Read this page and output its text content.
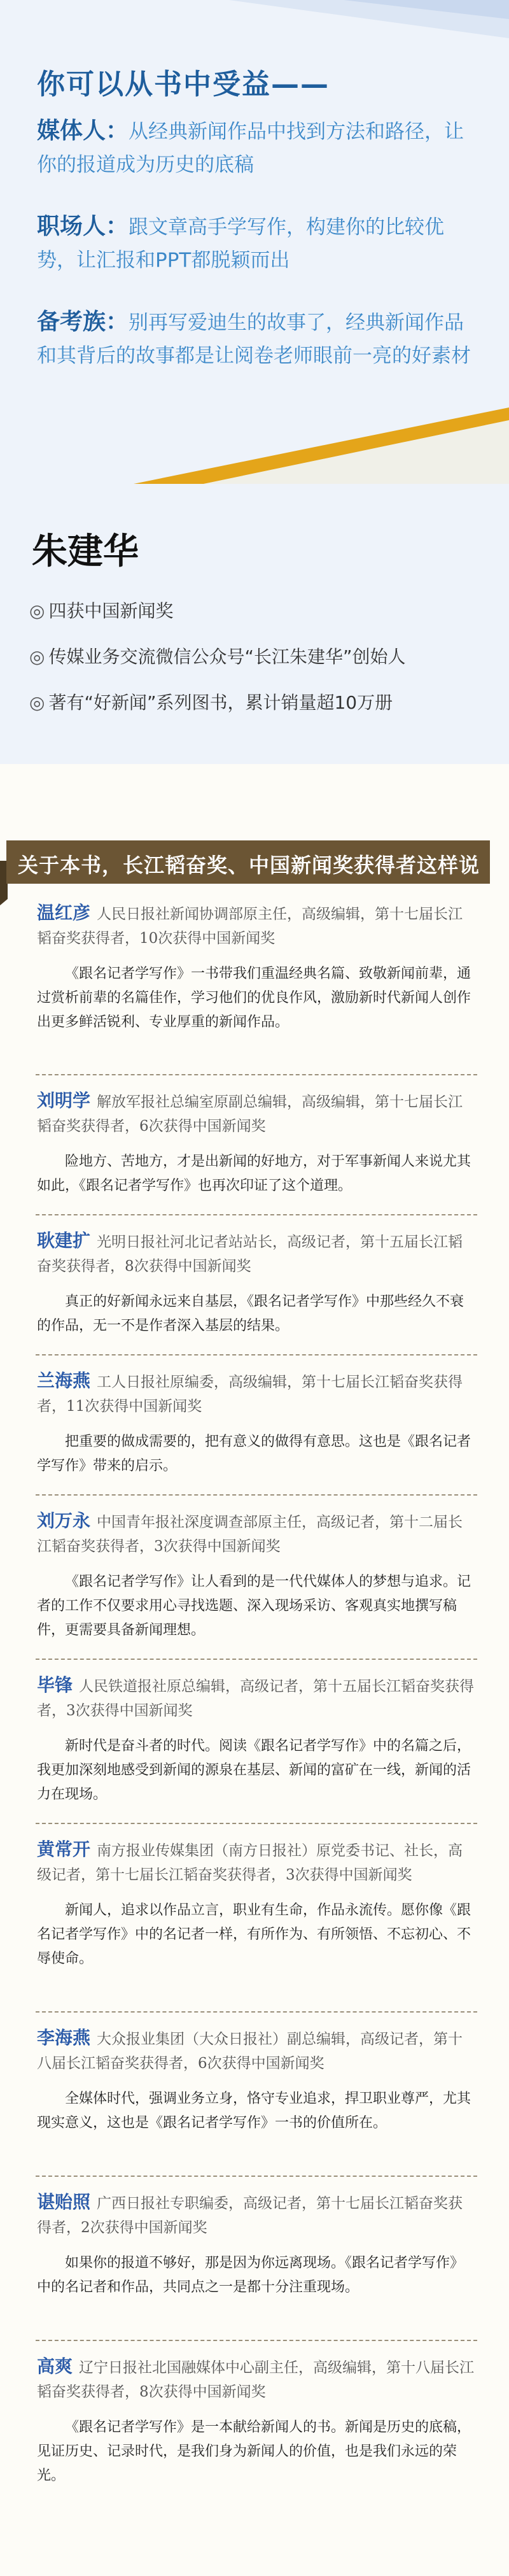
你可以从书中受益——

媒体人：从经典新闻作品中找到方法和路径，让你的报道成为历史的底稿

职场人：跟文章高手学写作，构建你的比较优势，让汇报和PPT都脱颖而出

备考族：别再写爱迪生的故事了，经典新闻作品和其背后的故事都是让阅卷老师眼前一亮的好素材

朱建华
◎ 四获中国新闻奖
◎ 传媒业务交流微信公众号“长江朱建华”创始人
◎ 著有“好新闻”系列图书，累计销量超10万册
关于本书，长江韬奋奖、中国新闻奖获得者这样说
温红彦 人民日报社新闻协调部原主任，高级编辑，第十七届长江韬奋奖获得者，10次获得中国新闻奖
《跟名记者学写作》一书带我们重温经典名篇、致敬新闻前辈，通过赏析前辈的名篇佳作，学习他们的优良作风，激励新时代新闻人创作出更多鲜活锐利、专业厚重的新闻作品。
刘明学 解放军报社总编室原副总编辑，高级编辑，第十七届长江韬奋奖获得者，6次获得中国新闻奖
险地方、苦地方，才是出新闻的好地方，对于军事新闻人来说尤其如此，《跟名记者学写作》也再次印证了这个道理。
耿建扩 光明日报社河北记者站站长，高级记者，第十五届长江韬奋奖获得者，8次获得中国新闻奖
真正的好新闻永远来自基层，《跟名记者学写作》中那些经久不衰的作品，无一不是作者深入基层的结果。
兰海燕 工人日报社原编委，高级编辑，第十七届长江韬奋奖获得者，11次获得中国新闻奖
把重要的做成需要的，把有意义的做得有意思。这也是《跟名记者学写作》带来的启示。
刘万永 中国青年报社深度调查部原主任，高级记者，第十二届长江韬奋奖获得者，3次获得中国新闻奖
《跟名记者学写作》让人看到的是一代代媒体人的梦想与追求。记者的工作不仅要求用心寻找选题、深入现场采访、客观真实地撰写稿件，更需要具备新闻理想。
毕锋 人民铁道报社原总编辑，高级记者，第十五届长江韬奋奖获得者，3次获得中国新闻奖
新时代是奋斗者的时代。阅读《跟名记者学写作》中的名篇之后，我更加深刻地感受到新闻的源泉在基层、新闻的富矿在一线，新闻的活力在现场。
黄常开 南方报业传媒集团（南方日报社）原党委书记、社长，高级记者，第十七届长江韬奋奖获得者，3次获得中国新闻奖
新闻人，追求以作品立言，职业有生命，作品永流传。愿你像《跟名记者学写作》中的名记者一样，有所作为、有所领悟、不忘初心、不辱使命。
李海燕 大众报业集团（大众日报社）副总编辑，高级记者，第十八届长江韬奋奖获得者，6次获得中国新闻奖
全媒体时代，强调业务立身，恪守专业追求，捍卫职业尊严，尤其现实意义，这也是《跟名记者学写作》一书的价值所在。
谌贻照 广西日报社专职编委，高级记者，第十七届长江韬奋奖获得者，2次获得中国新闻奖
如果你的报道不够好，那是因为你远离现场。《跟名记者学写作》中的名记者和作品，共同点之一是都十分注重现场。
高爽 辽宁日报社北国融媒体中心副主任，高级编辑，第十八届长江韬奋奖获得者，8次获得中国新闻奖
《跟名记者学写作》是一本献给新闻人的书。新闻是历史的底稿，见证历史、记录时代，是我们身为新闻人的价值，也是我们永远的荣光。
